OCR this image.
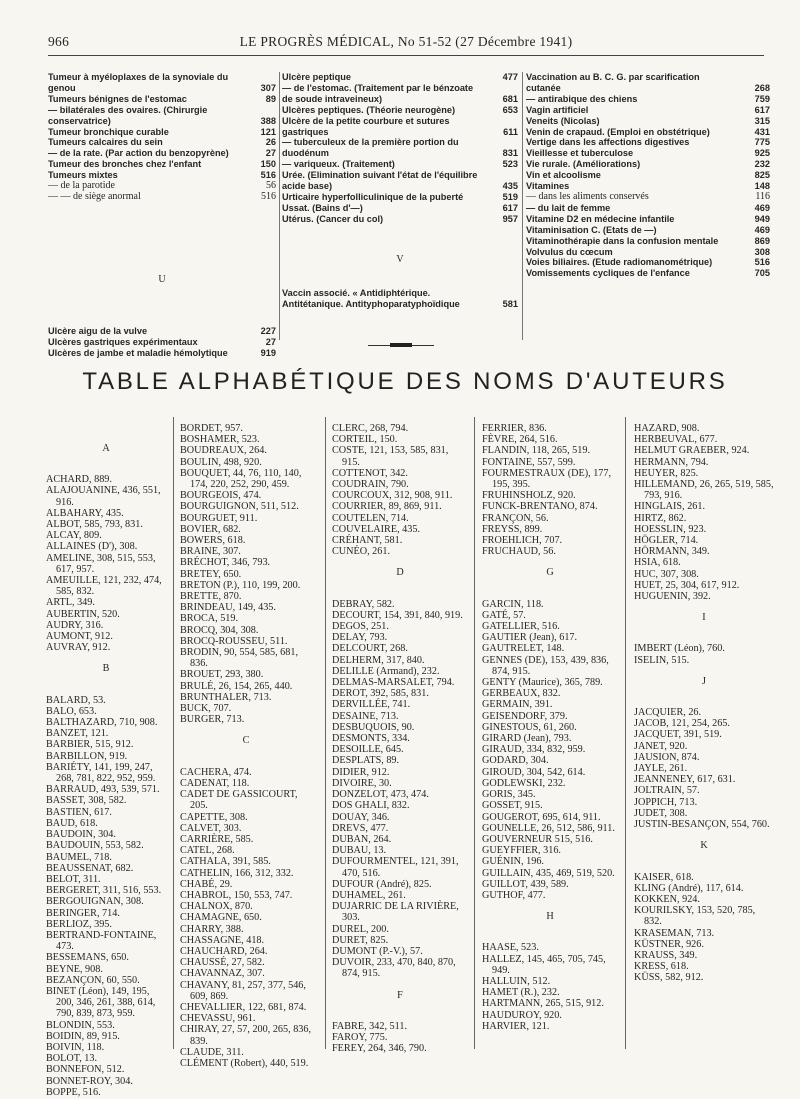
966	LE PROGRÈS MÉDICAL, No 51-52 (27 Décembre 1941)
Tumeur à myéloplaxes de la synoviale du genou	307
Tumeurs bénignes de l'estomac	89
— bilatérales des ovaires. (Chirurgie conservatrice)	388
Tumeur bronchique curable	121
Tumeurs calcaires du sein	26
— de la rate. (Par action du benzopyrène)	27
Tumeur des bronches chez l'enfant	150
Tumeurs mixtes	516
— de la parotide	56
— — de siège anormal	516
U
Ulcère aigu de la vulve	227
Ulcères gastriques expérimentaux	27
Ulcères de jambe et maladie hémolytique	919
Ulcère peptique	477
— de l'estomac. (Traitement par le bénzoate de soude intraveineux)	681
Ulcères peptiques. (Théorie neurogène)	653
Ulcère de la petite courbure et sutures gastriques	611
— tuberculeux de la première portion du duodénum	831
— variqueux. (Traitement)	523
Urée. (Elimination suivant l'état de l'équilibre acide base)	435
Urticaire hyperfolliculinique de la puberté	519
Ussat. (Bains d'—)	617
Utérus. (Cancer du col)	957
V
Vaccin associé. « Antidiphtérique. Antitétanique. Antityphoparatyphoïdique	581
Vaccination au B. C. G. par scarification cutanée	268
— antirabique des chiens	759
Vagin artificiel	617
Veneits (Nicolas)	315
Venin de crapaud. (Emploi en obstétrique)	431
Vertige dans les affections digestives	775
Vieillesse et tuberculose	925
Vie rurale. (Améliorations)	232
Vin et alcoolisme	825
Vitamines	148
— dans les aliments conservés	116
— du lait de femme	469
Vitamine D2 en médecine infantile	949
Vitaminisation C. (Etats de —)	469
Vitaminothérapie dans la confusion mentale	869
Volvulus du cœcum	308
Voies biliaires. (Etude radiomanométrique)	516
Vomissements cycliques de l'enfance	705
TABLE ALPHABÉTIQUE DES NOMS D'AUTEURS
A
ACHARD, 889.
ALAJOUANINE, 436, 551, 916.
ALBAHARY, 435.
ALBOT, 585, 793, 831.
ALCAY, 809.
ALLAINES (D'), 308.
AMELINE, 308, 515, 553, 617, 957.
AMEUILLE, 121, 232, 474, 585, 832.
ARTL, 349.
AUBERTIN, 520.
AUDRY, 316.
AUMONT, 912.
AUVRAY, 912.
B
BALARD, 53.
BALO, 653.
BALTHAZARD, 710, 908.
BANZET, 121.
BARBIER, 515, 912.
BARBILLON, 919.
BARIÉTY, 141, 199, 247, 268, 781, 822, 952, 959.
BARRAUD, 493, 539, 571.
BASSET, 308, 582.
BASTIEN, 617.
BAUD, 618.
BAUDOIN, 304.
BAUDOUIN, 553, 582.
BAUMEL, 718.
BEAUSSENAT, 682.
BELOT, 311.
BERGERET, 311, 516, 553.
BERGOUIGNAN, 308.
BERINGER, 714.
BERLIOZ, 395.
BERTRAND-FONTAINE, 473.
BESSEMANS, 650.
BEYNE, 908.
BEZANÇON, 60, 550.
BINET (Léon), 149, 195, 200, 346, 261, 388, 614, 790, 839, 873, 959.
BLONDIN, 553.
BOIDIN, 89, 915.
BOIVIN, 118.
BOLOT, 13.
BONNEFON, 512.
BONNET-ROY, 304.
BOPPE, 516.
BORDET, 957.
BOSHAMER, 523.
BOUDREAUX, 264.
BOULIN, 498, 920.
BOUQUET, 44, 76, 110, 140, 174, 220, 252, 290, 459.
BOURGEOIS, 474.
BOURGUIGNON, 511, 512.
BOURGUET, 911.
BOVIER, 682.
BOWERS, 618.
BRAINE, 307.
BRÉCHOT, 346, 793.
BRETEY, 650.
BRETON (P.), 110, 199, 200.
BRETTE, 870.
BRINDEAU, 149, 435.
BROCA, 519.
BROCQ, 304, 308.
BROCQ-ROUSSEU, 511.
BRODIN, 90, 554, 585, 681, 836.
BROUET, 293, 380.
BRULÉ, 26, 154, 265, 440.
BRUNTHALER, 713.
BUCK, 707.
BURGER, 713.
C
CACHERA, 474.
CADENAT, 118.
CADET DE GASSICOURT, 205.
CAPETTE, 308.
CALVET, 303.
CARRIÈRE, 585.
CATEL, 268.
CATHALA, 391, 585.
CATHELIN, 166, 312, 332.
CHABÉ, 29.
CHABROL, 150, 553, 747.
CHALNOX, 870.
CHAMAGNE, 650.
CHARRY, 388.
CHASSAGNE, 418.
CHAUCHARD, 264.
CHAUSSÉ, 27, 582.
CHAVANNAZ, 307.
CHAVANY, 81, 257, 377, 546, 609, 869.
CHEVALLIER, 122, 681, 874.
CHEVASSU, 961.
CHIRAY, 27, 57, 200, 265, 836, 839.
CLAUDE, 311.
CLÉMENT (Robert), 440, 519.
CLERC, 268, 794.
CORTEIL, 150.
COSTE, 121, 153, 585, 831, 915.
COTTENOT, 342.
COUDRAIN, 790.
COURCOUX, 312, 908, 911.
COURRIER, 89, 869, 911.
COUTELEN, 714.
COUVELAIRE, 435.
CRÉHANT, 581.
CUNÉO, 261.
D
DEBRAY, 582.
DECOURT, 154, 391, 840, 919.
DEGOS, 251.
DELAY, 793.
DELCOURT, 268.
DELHERM, 317, 840.
DELILLE (Armand), 232.
DELMAS-MARSALET, 794.
DEROT, 392, 585, 831.
DERVILLÉE, 741.
DESAINE, 713.
DESBUQUOIS, 90.
DESMONTS, 334.
DESOILLE, 645.
DESPLATS, 89.
DIDIER, 912.
DIVOIRE, 30.
DONZELOT, 473, 474.
DOS GHALI, 832.
DOUAY, 346.
DREVS, 477.
DUBAN, 264.
DUBAU, 13.
DUFOURMENTEL, 121, 391, 470, 516.
DUFOUR (André), 825.
DUHAMEL, 261.
DUJARRIC DE LA RIVIÈRE, 303.
DUREL, 200.
DURET, 825.
DUMONT (P.-V.), 57.
DUVOIR, 233, 470, 840, 870, 874, 915.
F
FABRE, 342, 511.
FAROY, 775.
FEREY, 264, 346, 790.
FERRIER, 836.
FÈVRE, 264, 516.
FLANDIN, 118, 265, 519.
FONTAINE, 557, 599.
FOURMESTRAUX (DE), 177, 195, 395.
FRUHINSHOLZ, 920.
FUNCK-BRENTANO, 874.
FRANÇON, 56.
FREYSS, 899.
FROEHLICH, 707.
FRUCHAUD, 56.
G
GARCIN, 118.
GATÉ, 57.
GATELLIER, 516.
GAUTIER (Jean), 617.
GAUTRELET, 148.
GENNES (DE), 153, 439, 836, 874, 915.
GENTY (Maurice), 365, 789.
GERBEAUX, 832.
GERMAIN, 391.
GEISENDORF, 379.
GINESTOUS, 61, 260.
GIRARD (Jean), 793.
GIRAUD, 334, 832, 959.
GODARD, 304.
GIROUD, 304, 542, 614.
GODLEWSKI, 232.
GORIS, 345.
GOSSET, 915.
GOUGEROT, 695, 614, 911.
GOUNELLE, 26, 512, 586, 911.
GOUVERNEUR 515, 516.
GUEYFFIER, 316.
GUÉNIN, 196.
GUILLAIN, 435, 469, 519, 520.
GUILLOT, 439, 589.
GUTHOF, 477.
H
HAASE, 523.
HALLEZ, 145, 465, 705, 745, 949.
HALLUIN, 512.
HAMET (R.), 232.
HARTMANN, 265, 515, 912.
HAUDUROY, 920.
HARVIER, 121.
HAZARD, 908.
HERBEUVAL, 677.
HELMUT GRAEBER, 924.
HERMANN, 794.
HEUYER, 825.
HILLEMAND, 26, 265, 519, 585, 793, 916.
HINGLAIS, 261.
HIRTZ, 862.
HOESSLIN, 923.
HÖGLER, 714.
HÖRMANN, 349.
HSIA, 618.
HUC, 307, 308.
HUET, 25, 304, 617, 912.
HUGUENIN, 392.
I
IMBERT (Léon), 760.
ISELIN, 515.
J
JACQUIER, 26.
JACOB, 121, 254, 265.
JACQUET, 391, 519.
JANET, 920.
JAUSION, 874.
JAYLE, 261.
JEANNENEY, 617, 631.
JOLTRAIN, 57.
JOPPICH, 713.
JUDET, 308.
JUSTIN-BESANÇON, 554, 760.
K
KAISER, 618.
KLING (André), 117, 614.
KOKKEN, 924.
KOURILSKY, 153, 520, 785, 832.
KRASEMAN, 713.
KÜSTNER, 926.
KRAUSS, 349.
KRESS, 618.
KÜSS, 582, 912.
